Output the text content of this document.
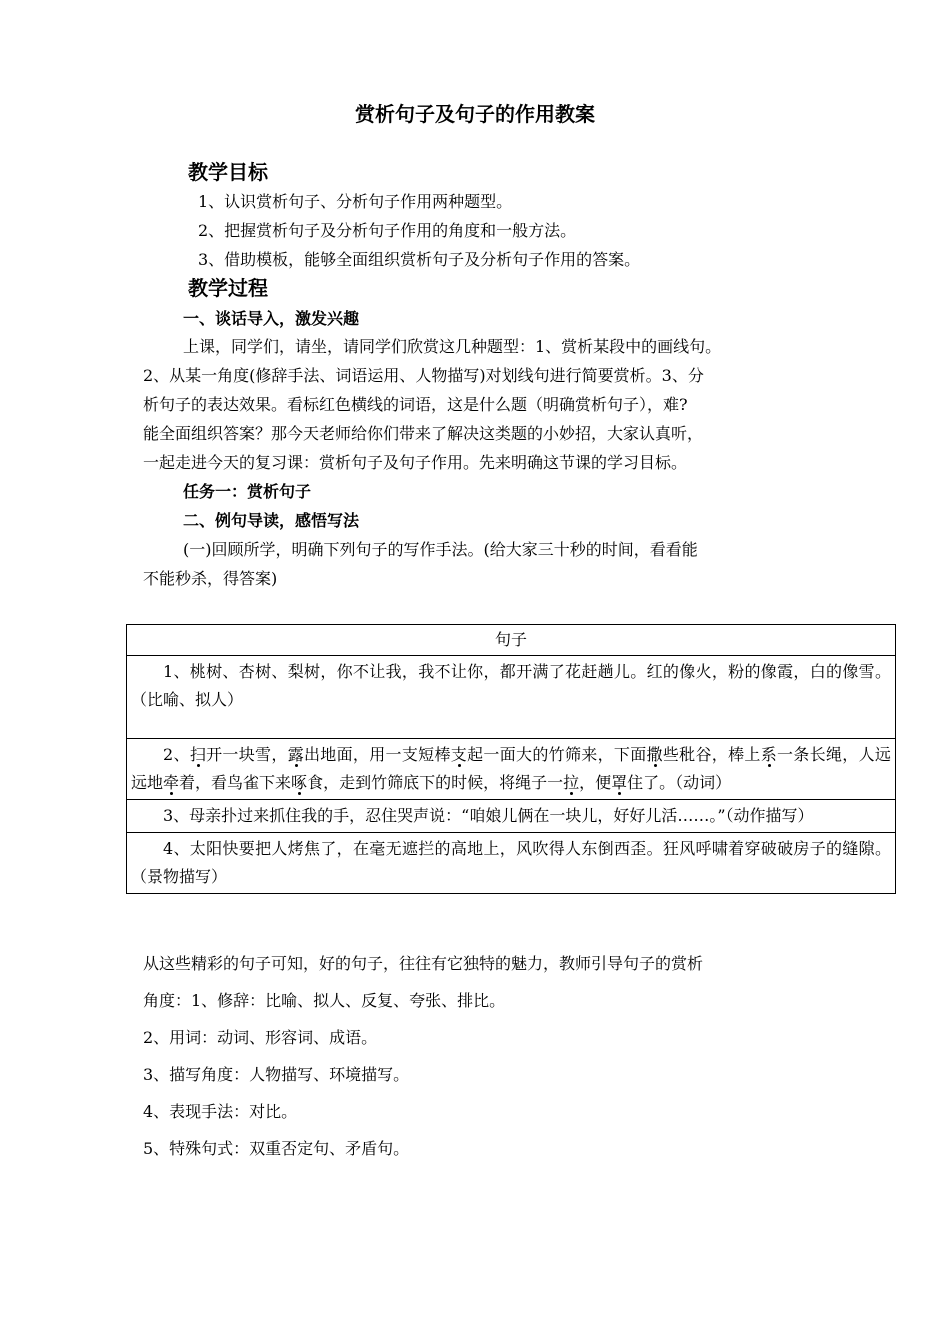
赏析句子及句子的作用教案
教学目标
1、认识赏析句子、分析句子作用两种题型。
2、把握赏析句子及分析句子作用的角度和一般方法。
3、借助模板，能够全面组织赏析句子及分析句子作用的答案。
教学过程
一、谈话导入，激发兴趣
上课，同学们，请坐，请同学们欣赏这几种题型：1、赏析某段中的画线句。
2、从某一角度(修辞手法、词语运用、人物描写)对划线句进行简要赏析。3、分
析句子的表达效果。看标红色横线的词语，这是什么题（明确赏析句子），难?
能全面组织答案？那今天老师给你们带来了解决这类题的小妙招，大家认真听，
一起走进今天的复习课：赏析句子及句子作用。先来明确这节课的学习目标。
任务一：赏析句子
二、例句导读，感悟写法
(一)回顾所学，明确下列句子的写作手法。(给大家三十秒的时间，看看能
不能秒杀，得答案)
句子
1、桃树、杏树、梨树，你不让我，我不让你，都开满了花赶趟儿。红的像火，粉的像霞，白的像雪。（比喻、拟人）
2、扫开一块雪，露出地面，用一支短棒支起一面大的竹筛来，下面撒些秕谷，棒上系一条长绳，人远远地牵着，看鸟雀下来啄食，走到竹筛底下的时候，将绳子一拉，便罩住了。（动词）
3、母亲扑过来抓住我的手，忍住哭声说：“咱娘儿俩在一块儿，好好儿活……。”（动作描写）
4、太阳快要把人烤焦了，在毫无遮拦的高地上，风吹得人东倒西歪。狂风呼啸着穿破破房子的缝隙。（景物描写）
从这些精彩的句子可知，好的句子，往往有它独特的魅力，教师引导句子的赏析
角度：1、修辞：比喻、拟人、反复、夸张、排比。
2、用词：动词、形容词、成语。
3、描写角度：人物描写、环境描写。
4、表现手法：对比。
5、特殊句式：双重否定句、矛盾句。
